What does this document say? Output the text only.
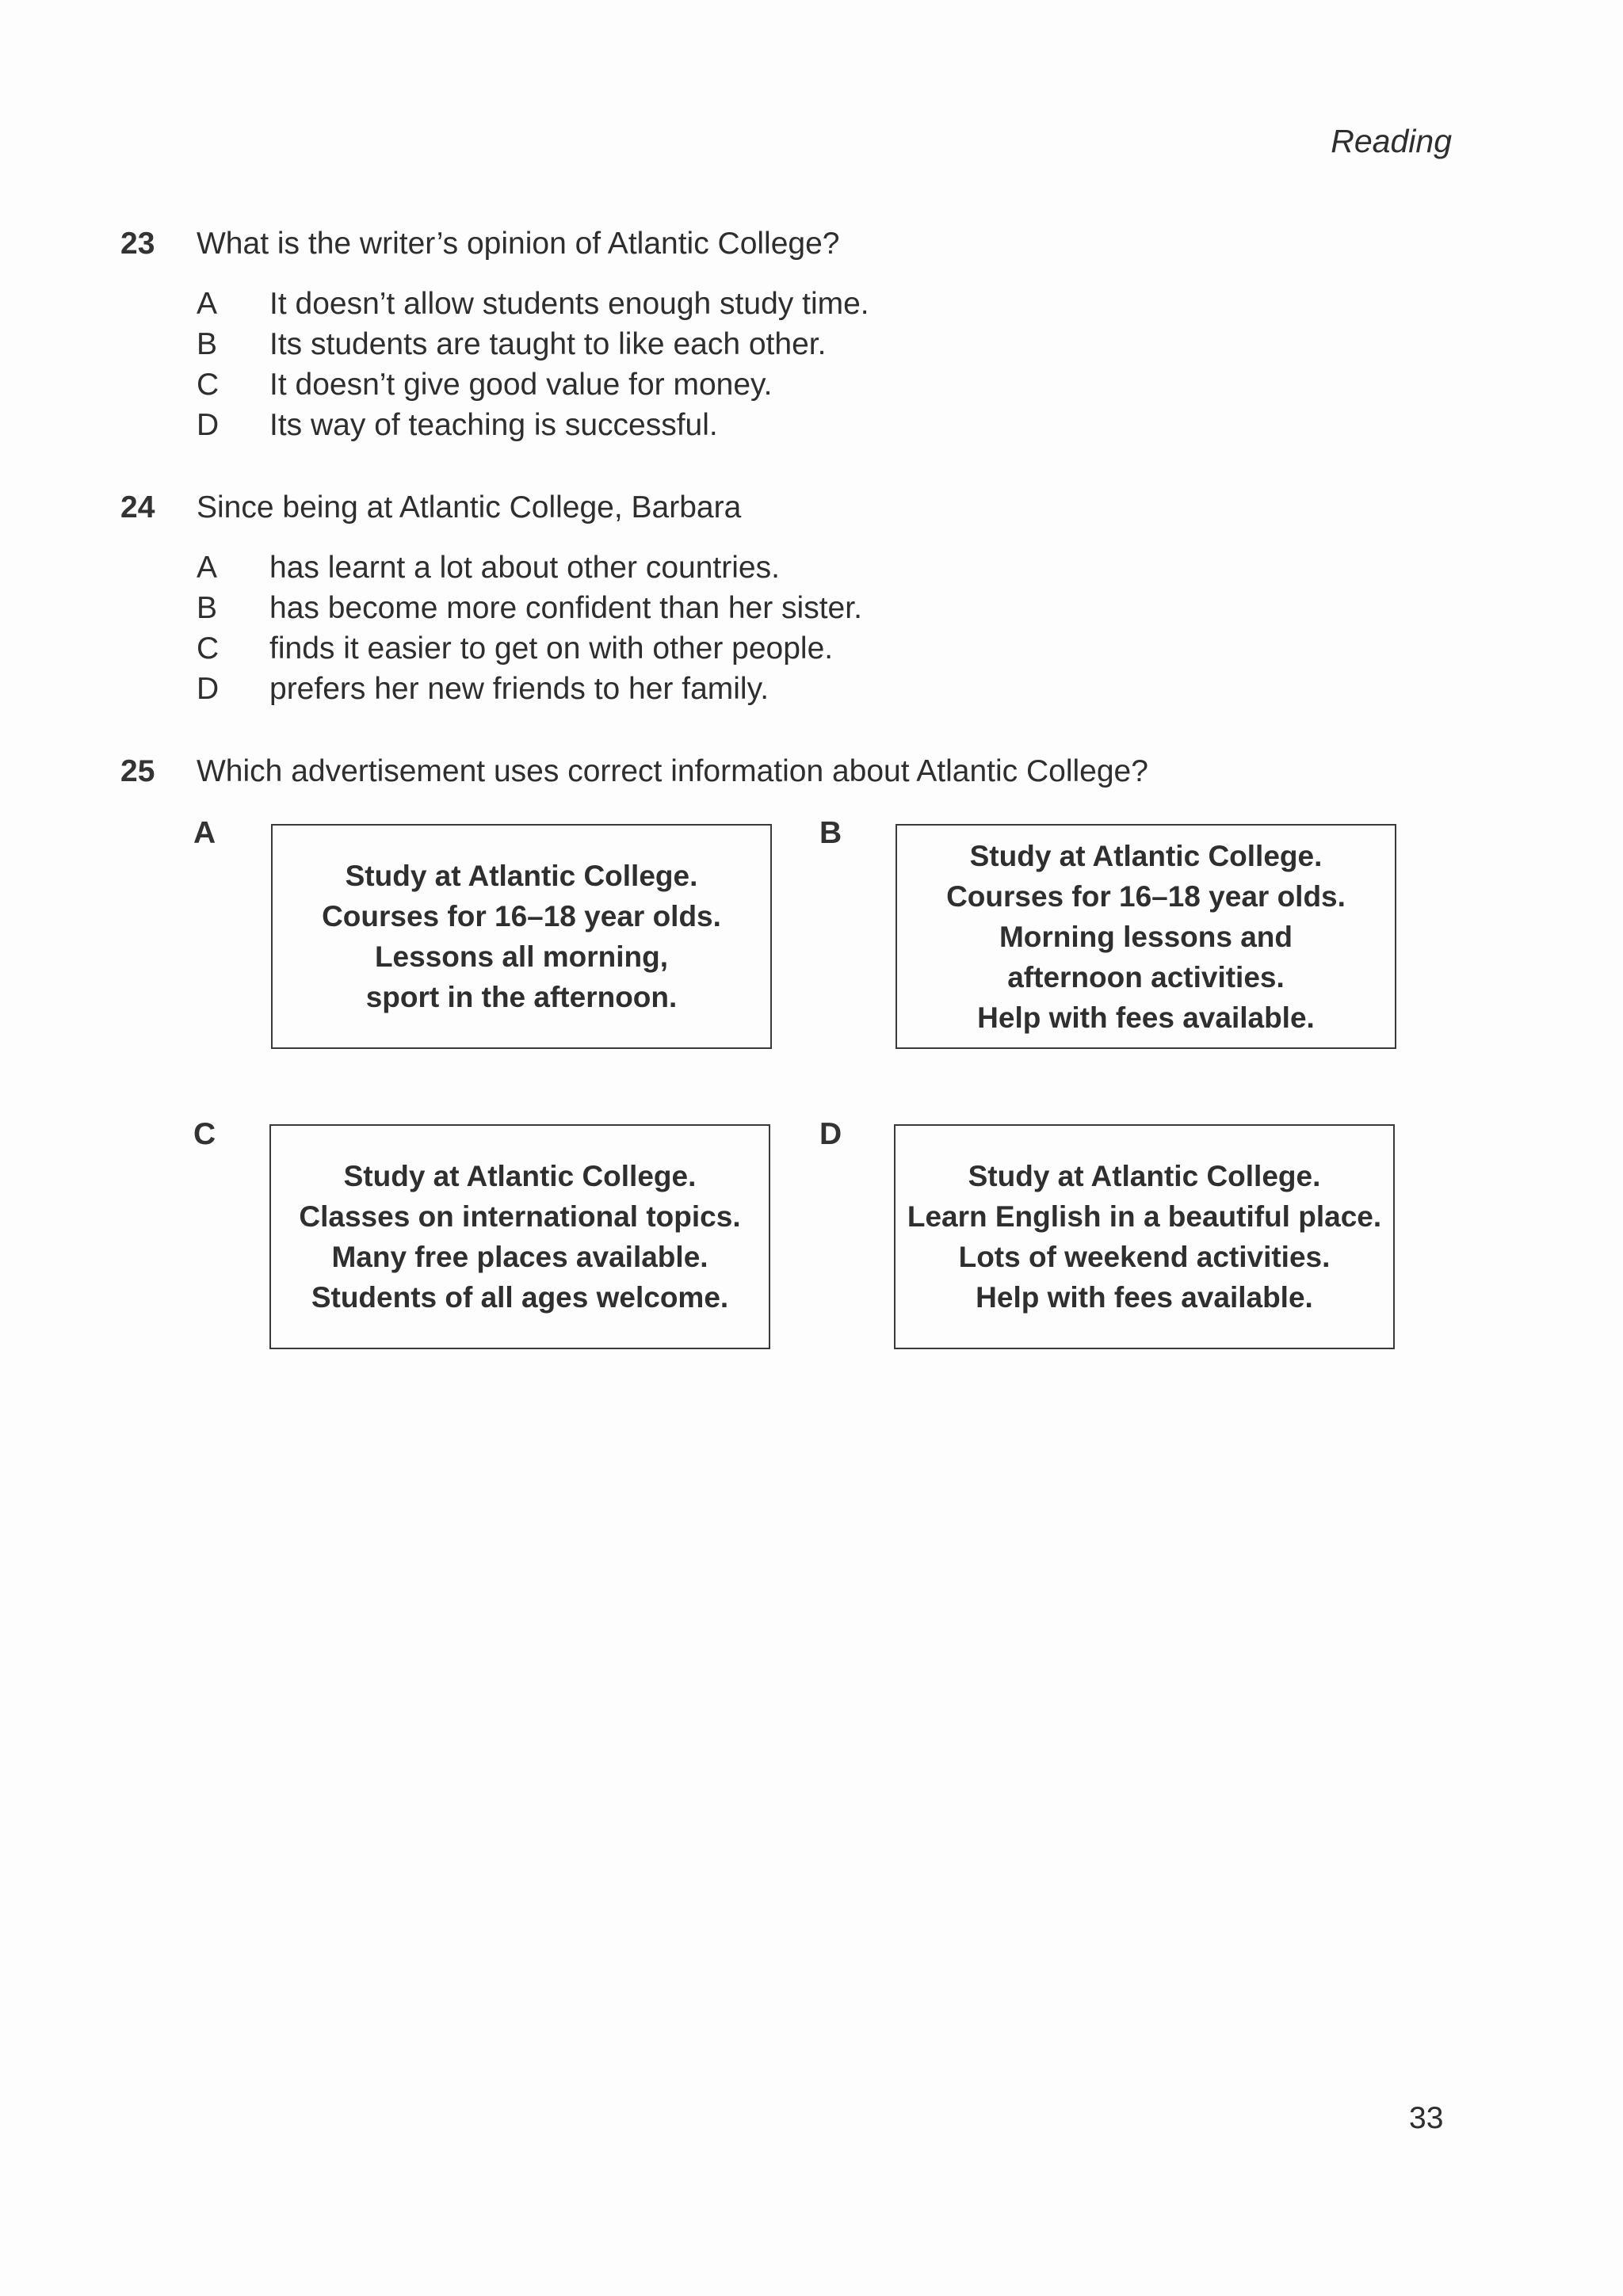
Reading
23 What is the writer’s opinion of Atlantic College?
A	It doesn’t allow students enough study time.
B	Its students are taught to like each other.
C	It doesn’t give good value for money.
D	Its way of teaching is successful.
24 Since being at Atlantic College, Barbara
A	has learnt a lot about other countries.
B	has become more confident than her sister.
C	finds it easier to get on with other people.
D	prefers her new friends to her family.
25 Which advertisement uses correct information about Atlantic College?
A
Study at Atlantic College.
Courses for 16–18 year olds.
Lessons all morning,
sport in the afternoon.
B
Study at Atlantic College.
Courses for 16–18 year olds.
Morning lessons and
afternoon activities.
Help with fees available.
C
Study at Atlantic College.
Classes on international topics.
Many free places available.
Students of all ages welcome.
D
Study at Atlantic College.
Learn English in a beautiful place.
Lots of weekend activities.
Help with fees available.
33
